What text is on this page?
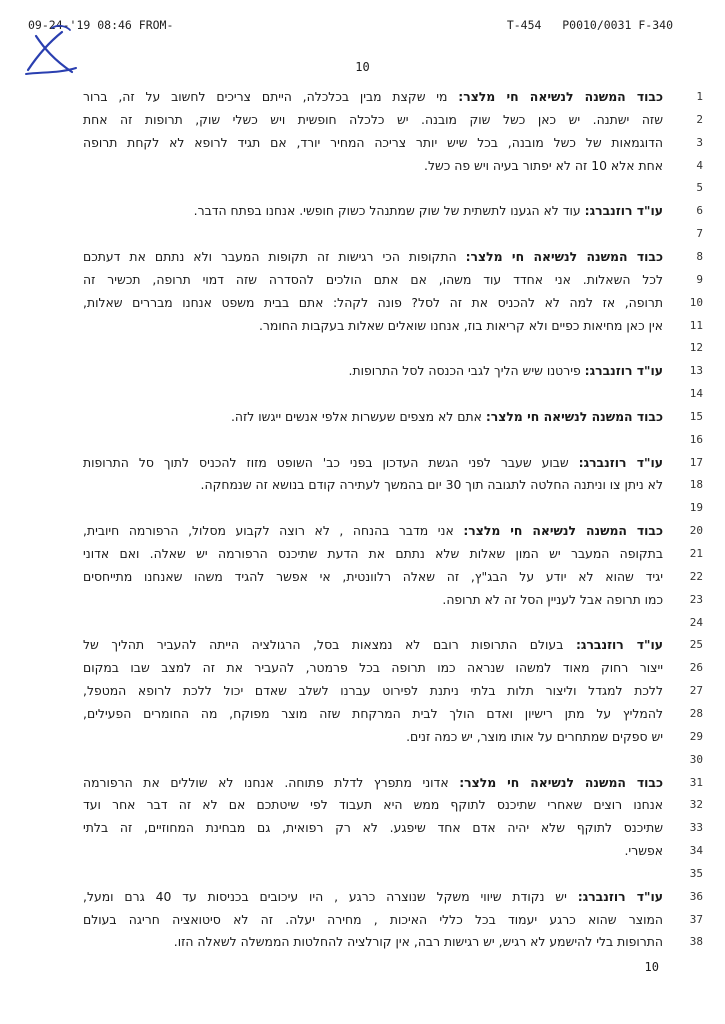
09-24-'19 08:46 FROM-	T-454   P0010/0031 F-340
10
1
כבוד המשנה לנשיאה חי מלצר: מי שקצת מבין בכלכלה, הייתם צריכים לחשוב על זה, ברור
2
שזה ישתנה. יש כאן כשל שוק מובנה. יש כלכלה חופשית ויש כשלי שוק, תרופות זה אחת
3
הדוגמאות של כשל מובנה, בכל שיש יותר צריכה המחיר יורד, אם תגיד לרופא לא לקחת תרופה
4
אחת אלא 10 זה לא יפתור בעיה ויש פה כשל.
5
6
עו"ד רוזנברג: עוד לא הגענו לתשתית של שוק שמתנהל כשוק חופשי. אנחנו בפתח הדבר.
7
8
כבוד המשנה לנשיאה חי מלצר: התקופות הכי רגישות זה תקופות המעבר ולא נתתם את דעתכם
9
לכל השאלות. אני אחדד עוד משהו, אם אתם הולכים להסדרה שזה דמוי תרופה, תכשיר זה
10
תרופה, אז למה לא להכניס את זה לסל? פונה לקהל: אתם בבית משפט אנחנו מבררים שאלות,
11
אין כאן מחיאות כפיים ולא קריאות בוז, אנחנו שואלים שאלות בעקבות החומר.
12
13
עו"ד רוזנברג: פירטנו שיש הליך לגבי הכנסה לסל התרופות.
14
15
כבוד המשנה לנשיאה חי מלצר: אתם לא מצפים שעשרות אלפי אנשים ייגשו לזה.
16
17
עו"ד רוזנברג: שבוע שעבר לפני הגשת העדכון בפני כב' השופט מזוז להכניס לתוך סל התרופות
18
לא ניתן צו וניתנה החלטה לתגובה תוך 30 יום בהמשך לעתירה קודם בנושא זה שנמחקה.
19
20
כבוד המשנה לנשיאה חי מלצר: אני מדבר בהנחה , לא רוצה לקבוע מסלול, הרפורמה חיובית,
21
בתקופה המעבר יש המון שאלות שלא נתתם את הדעת שתיכנס הרפורמה יש שאלה. ואם אדוני
22
יגיד שהוא לא יודע על הבג"ץ, זה שאלה רלוונטית, אי אפשר להגיד משהו שאנחנו מתייחסים
23
כמו תרופה אבל לעניין הסל זה לא תרופה.
24
25
עו"ד רוזנברג: בעולם התרופות רובם לא נמצאות בסל, הרגולציה הייתה להעביר תהליך של
26
ייצור רחוק מאוד למשהו שנראה כמו תרופה בכל פרמטר, להעביר את זה למצב שבו במקום
27
ללכת למגדל וליצור תלות בלתי ניתנת לפירוט עברנו לשלב שאדם יכול ללכת לרופא המטפל,
28
להמליץ על מתן רישיון ואדם הולך לבית המרקחת שזה מוצר מפוקח, מה החומרים הפעילים,
29
יש ספקים שמתחרים על אותו מוצר, יש כמה זנים.
30
31
כבוד המשנה לנשיאה חי מלצר: אדוני מתפרץ לדלת פתוחה. אנחנו לא שוללים את הרפורמה
32
אנחנו רוצים שאחרי שתיכנס לתוקף ממש היא תעבוד לפי שיטתכם אם לא זה דבר אחר ועד
33
שתיכנס לתוקף שלא יהיה אדם אחד שיפגע. לא רק רפואית, גם מבחינת המחוזיים, זה בלתי
34
אפשרי.
35
36
עו"ד רוזנברג: יש נקודת שיווי משקל שנוצרה כרגע , היו עיכובים בכניסות עד 40 גרם ומעל,
37
המוצר שהוא כרגע יעמוד בכל כללי האיכות , מחירה יעלה. זה לא סיטואציה חריגה בעולם
38
התרופות בלי להישמע לא רגיש, יש רגישות רבה, אין קורלציה להחלטות הממשלה לשאלה הזו.
10
